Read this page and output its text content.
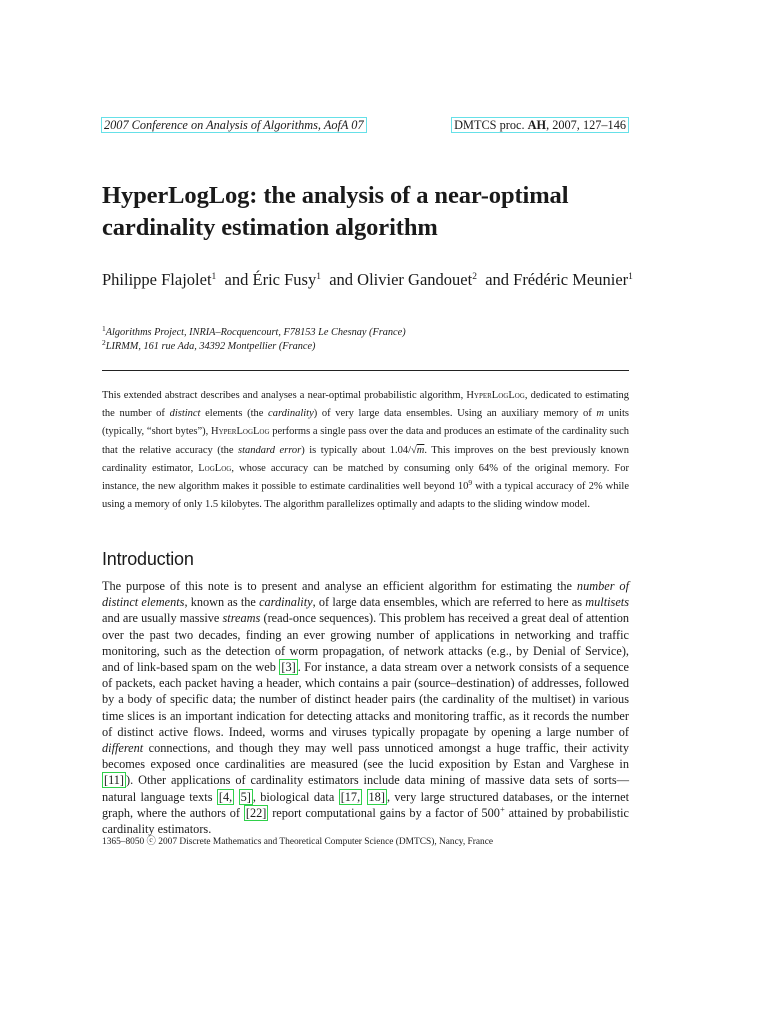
2007 Conference on Analysis of Algorithms, AofA 07	DMTCS proc. AH, 2007, 127–146
HyperLogLog: the analysis of a near-optimal cardinality estimation algorithm
Philippe Flajolet$^1$ and Éric Fusy$^1$ and Olivier Gandouet$^2$ and Frédéric Meunier$^1$
$^1$Algorithms Project, INRIA–Rocquencourt, F78153 Le Chesnay (France)
$^2$LIRMM, 161 rue Ada, 34392 Montpellier (France)

This extended abstract describes and analyses a near-optimal probabilistic algorithm, HyperLogLog, dedicated to estimating the number of distinct elements (the cardinality) of very large data ensembles. Using an auxiliary memory of m units (typically, “short bytes”), HyperLogLog performs a single pass over the data and produces an estimate of the cardinality such that the relative accuracy (the standard error) is typically about 1.04/√m. This improves on the best previously known cardinality estimator, LogLog, whose accuracy can be matched by consuming only 64% of the original memory. For instance, the new algorithm makes it possible to estimate cardinalities well beyond $10^9$ with a typical accuracy of 2% while using a memory of only 1.5 kilobytes. The algorithm parallelizes optimally and adapts to the sliding window model.

Introduction

The purpose of this note is to present and analyse an efficient algorithm for estimating the number of distinct elements, known as the cardinality, of large data ensembles, which are referred to here as multisets and are usually massive streams (read-once sequences). This problem has received a great deal of attention over the past two decades, finding an ever growing number of applications in networking and traffic monitoring, such as the detection of worm propagation, of network attacks (e.g., by Denial of Service), and of link-based spam on the web [3] . For instance, a data stream over a network consists of a sequence of packets, each packet having a header, which contains a pair (source–destination) of addresses, followed by a body of specific data; the number of distinct header pairs (the cardinality of the multiset) in various time slices is an important indication for detecting attacks and monitoring traffic, as it records the number of distinct active flows. Indeed, worms and viruses typically propagate by opening a large number of different connections, and though they may well pass unnoticed amongst a huge traffic, their activity becomes exposed once cardinalities are measured (see the lucid exposition by Estan and Varghese in [11] ). Other applications of cardinality estimators include data mining of massive data sets of sorts—natural language texts [4, 5] , biological data [17, 18] , very large structured databases, or the internet graph, where the authors of [22] report computational gains by a factor of 500+ attained by probabilistic cardinality estimators.

1365–8050 ⓒ 2007 Discrete Mathematics and Theoretical Computer Science (DMTCS), Nancy, France
